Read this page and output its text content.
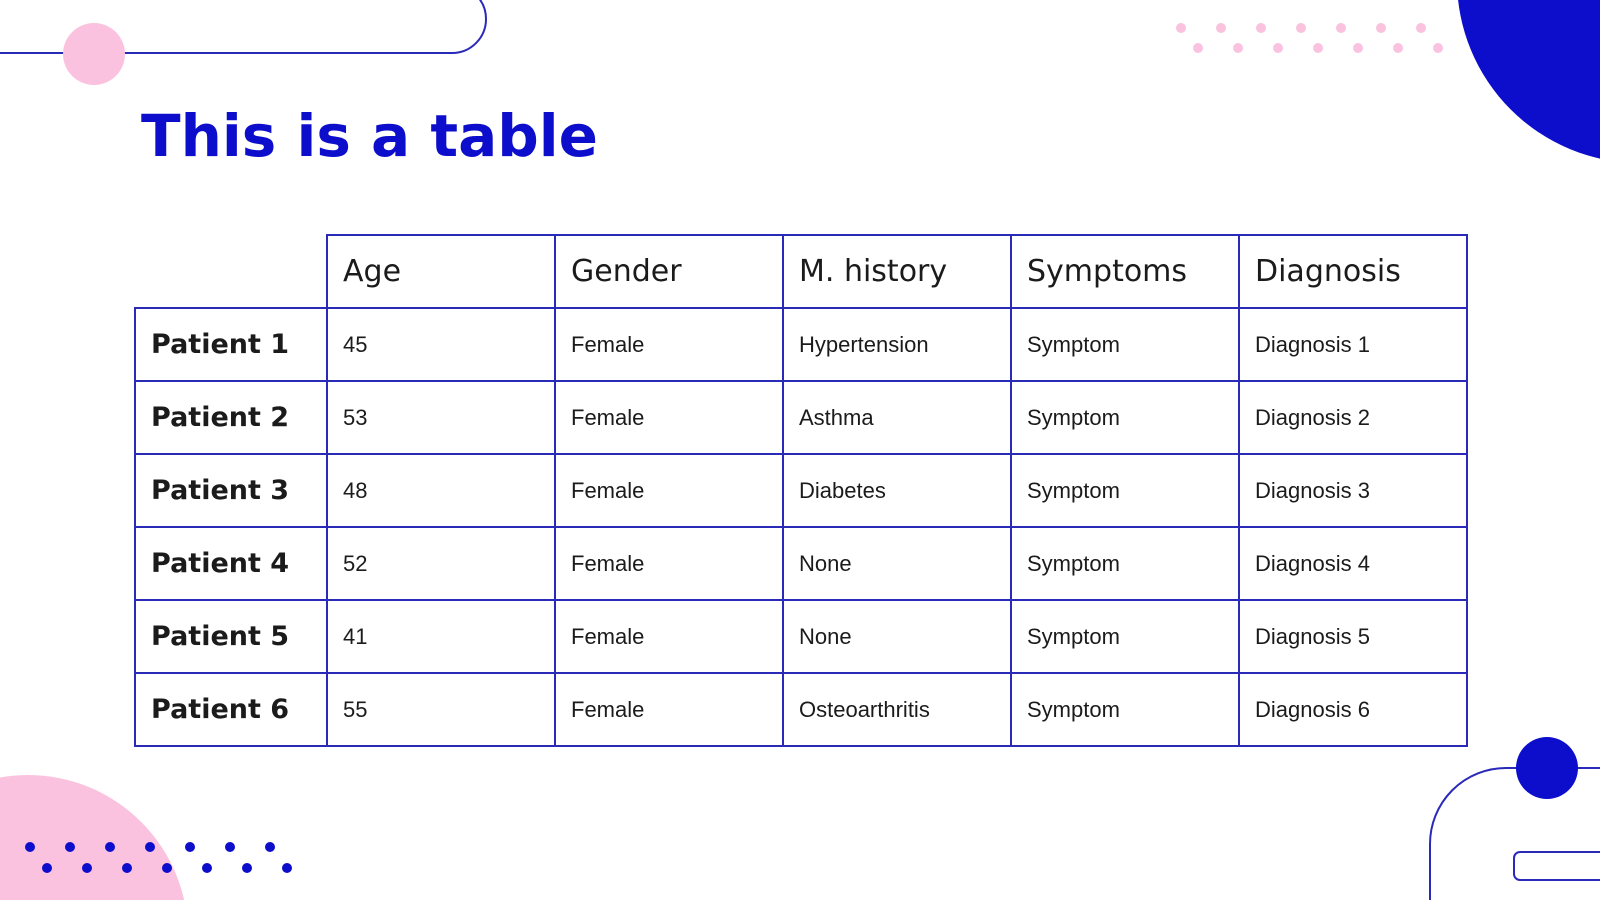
This is a table
	Age	Gender	M. history	Symptoms	Diagnosis
Patient 1	45	Female	Hypertension	Symptom	Diagnosis 1
Patient 2	53	Female	Asthma	Symptom	Diagnosis 2
Patient 3	48	Female	Diabetes	Symptom	Diagnosis 3
Patient 4	52	Female	None	Symptom	Diagnosis 4
Patient 5	41	Female	None	Symptom	Diagnosis 5
Patient 6	55	Female	Osteoarthritis	Symptom	Diagnosis 6
